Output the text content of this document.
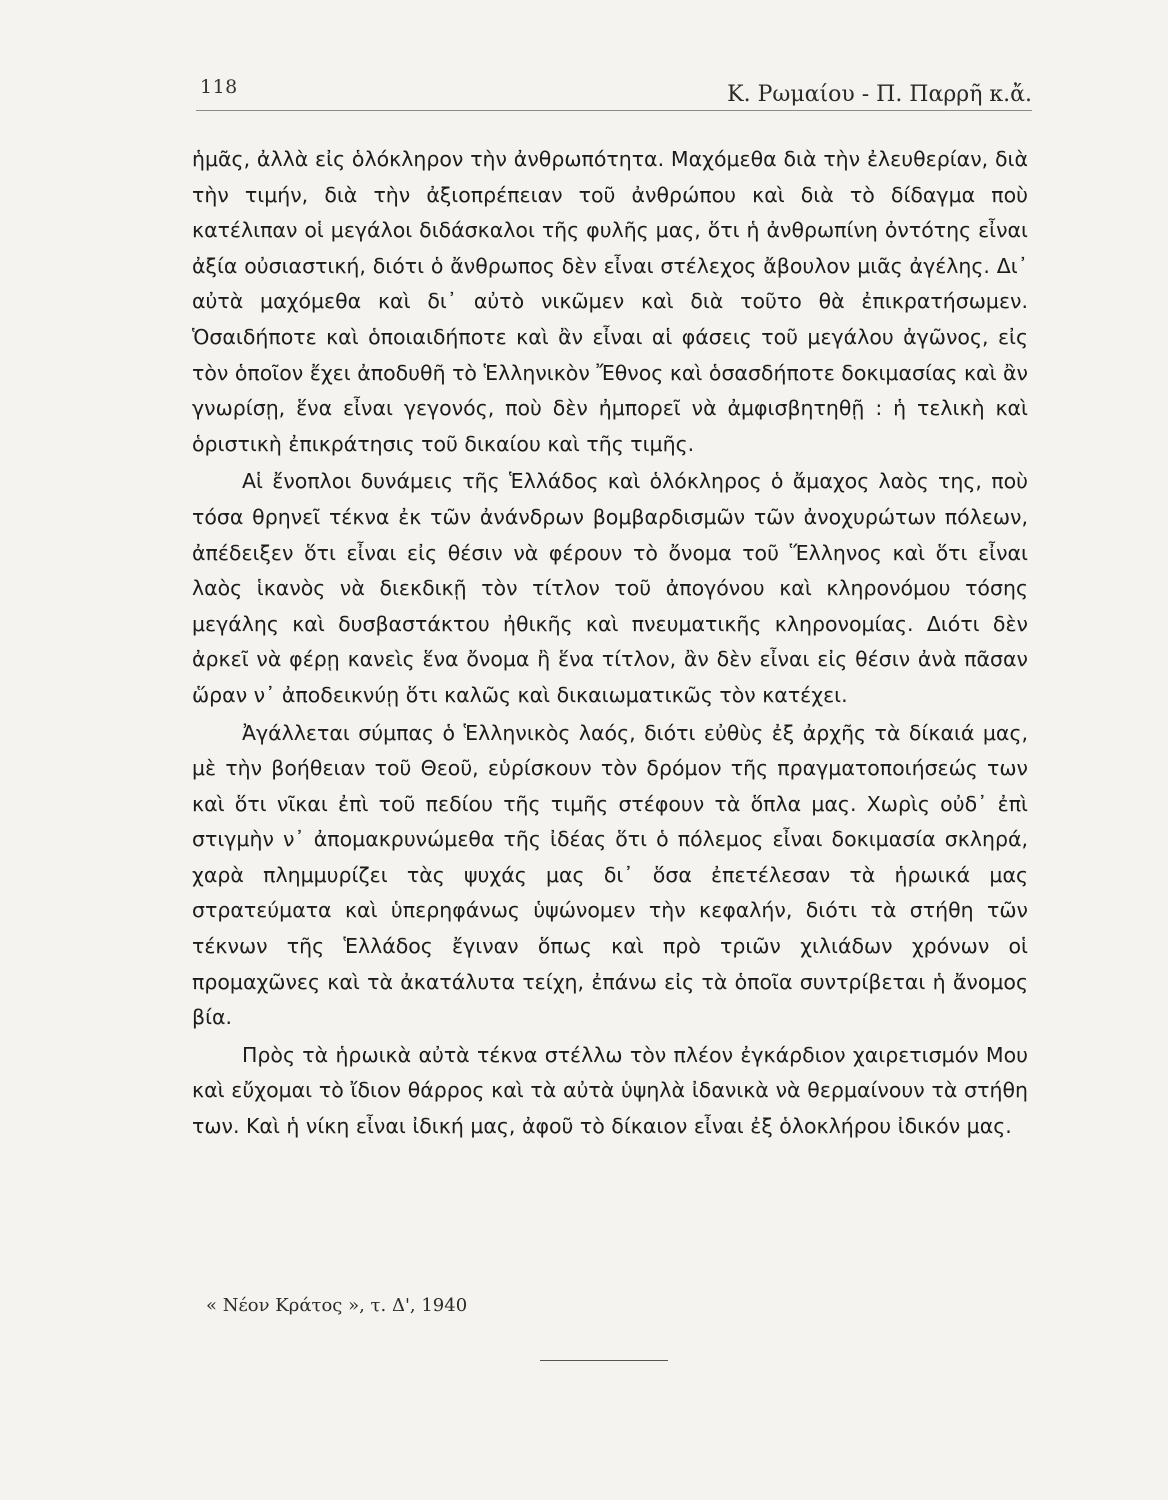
118	Κ. Ρωμαίου - Π. Παρρῆ κ.ἄ.

ἡμᾶς, ἀλλὰ εἰς ὁλόκληρον τὴν ἀνθρωπότητα. Μαχόμεθα διὰ τὴν ἐλευθερίαν, διὰ τὴν τιμήν, διὰ τὴν ἀξιοπρέπειαν τοῦ ἀνθρώπου καὶ διὰ τὸ δίδαγμα ποὺ κατέλιπαν οἱ μεγάλοι διδάσκαλοι τῆς φυλῆς μας, ὅτι ἡ ἀνθρωπίνη ὀντότης εἶναι ἀξία οὐσιαστική, διότι ὁ ἄνθρωπος δὲν εἶναι στέλεχος ἄβουλον μιᾶς ἀγέλης. Δι᾿ αὐτὰ μαχόμεθα καὶ δι᾿ αὐτὸ νικῶμεν καὶ διὰ τοῦτο θὰ ἐπικρατήσωμεν. Ὁσαιδήποτε καὶ ὁποιαιδήποτε καὶ ἂν εἶναι αἱ φάσεις τοῦ μεγάλου ἀγῶνος, εἰς τὸν ὁποῖον ἔχει ἀποδυθῆ τὸ Ἑλληνικὸν Ἔθνος καὶ ὁσασδήποτε δοκιμασίας καὶ ἂν γνωρίσῃ, ἕνα εἶναι γεγονός, ποὺ δὲν ἠμπορεῖ νὰ ἀμφισβητηθῇ : ἡ τελικὴ καὶ ὁριστικὴ ἐπικράτησις τοῦ δικαίου καὶ τῆς τιμῆς.

Αἱ ἔνοπλοι δυνάμεις τῆς Ἑλλάδος καὶ ὁλόκληρος ὁ ἄμαχος λαὸς της, ποὺ τόσα θρηνεῖ τέκνα ἐκ τῶν ἀνάνδρων βομβαρδισμῶν τῶν ἀνοχυρώτων πόλεων, ἀπέδειξεν ὅτι εἶναι εἰς θέσιν νὰ φέρουν τὸ ὄνομα τοῦ Ἕλληνος καὶ ὅτι εἶναι λαὸς ἱκανὸς νὰ διεκδικῇ τὸν τίτλον τοῦ ἀπογόνου καὶ κληρονόμου τόσης μεγάλης καὶ δυσβαστάκτου ἠθικῆς καὶ πνευματικῆς κληρονομίας. Διότι δὲν ἀρκεῖ νὰ φέρῃ κανεὶς ἕνα ὄνομα ἢ ἕνα τίτλον, ἂν δὲν εἶναι εἰς θέσιν ἀνὰ πᾶσαν ὥραν ν᾿ ἀποδεικνύῃ ὅτι καλῶς καὶ δικαιωματικῶς τὸν κατέχει.

Ἀγάλλεται σύμπας ὁ Ἑλληνικὸς λαός, διότι εὐθὺς ἐξ ἀρχῆς τὰ δίκαιά μας, μὲ τὴν βοήθειαν τοῦ Θεοῦ, εὑρίσκουν τὸν δρόμον τῆς πραγματοποιήσεώς των καὶ ὅτι νῖκαι ἐπὶ τοῦ πεδίου τῆς τιμῆς στέφουν τὰ ὅπλα μας. Χωρὶς οὐδ᾿ ἐπὶ στιγμὴν ν᾿ ἀπομακρυνώμεθα τῆς ἰδέας ὅτι ὁ πόλεμος εἶναι δοκιμασία σκληρά, χαρὰ πλημμυρίζει τὰς ψυχάς μας δι᾿ ὅσα ἐπετέλεσαν τὰ ἡρωικά μας στρατεύματα καὶ ὑπερηφάνως ὑψώνομεν τὴν κεφαλήν, διότι τὰ στήθη τῶν τέκνων τῆς Ἑλλάδος ἔγιναν ὅπως καὶ πρὸ τριῶν χιλιάδων χρόνων οἱ προμαχῶνες καὶ τὰ ἀκατάλυτα τείχη, ἐπάνω εἰς τὰ ὁποῖα συντρίβεται ἡ ἄνομος βία.

Πρὸς τὰ ἡρωικὰ αὐτὰ τέκνα στέλλω τὸν πλέον ἐγκάρδιον χαιρετισμόν Μου καὶ εὔχομαι τὸ ἴδιον θάρρος καὶ τὰ αὐτὰ ὑψηλὰ ἰδανικὰ νὰ θερμαίνουν τὰ στήθη των. Καὶ ἡ νίκη εἶναι ἰδική μας, ἀφοῦ τὸ δίκαιον εἶναι ἐξ ὁλοκλήρου ἰδικόν μας.

« Νέον Κράτος », τ. Δ', 1940
